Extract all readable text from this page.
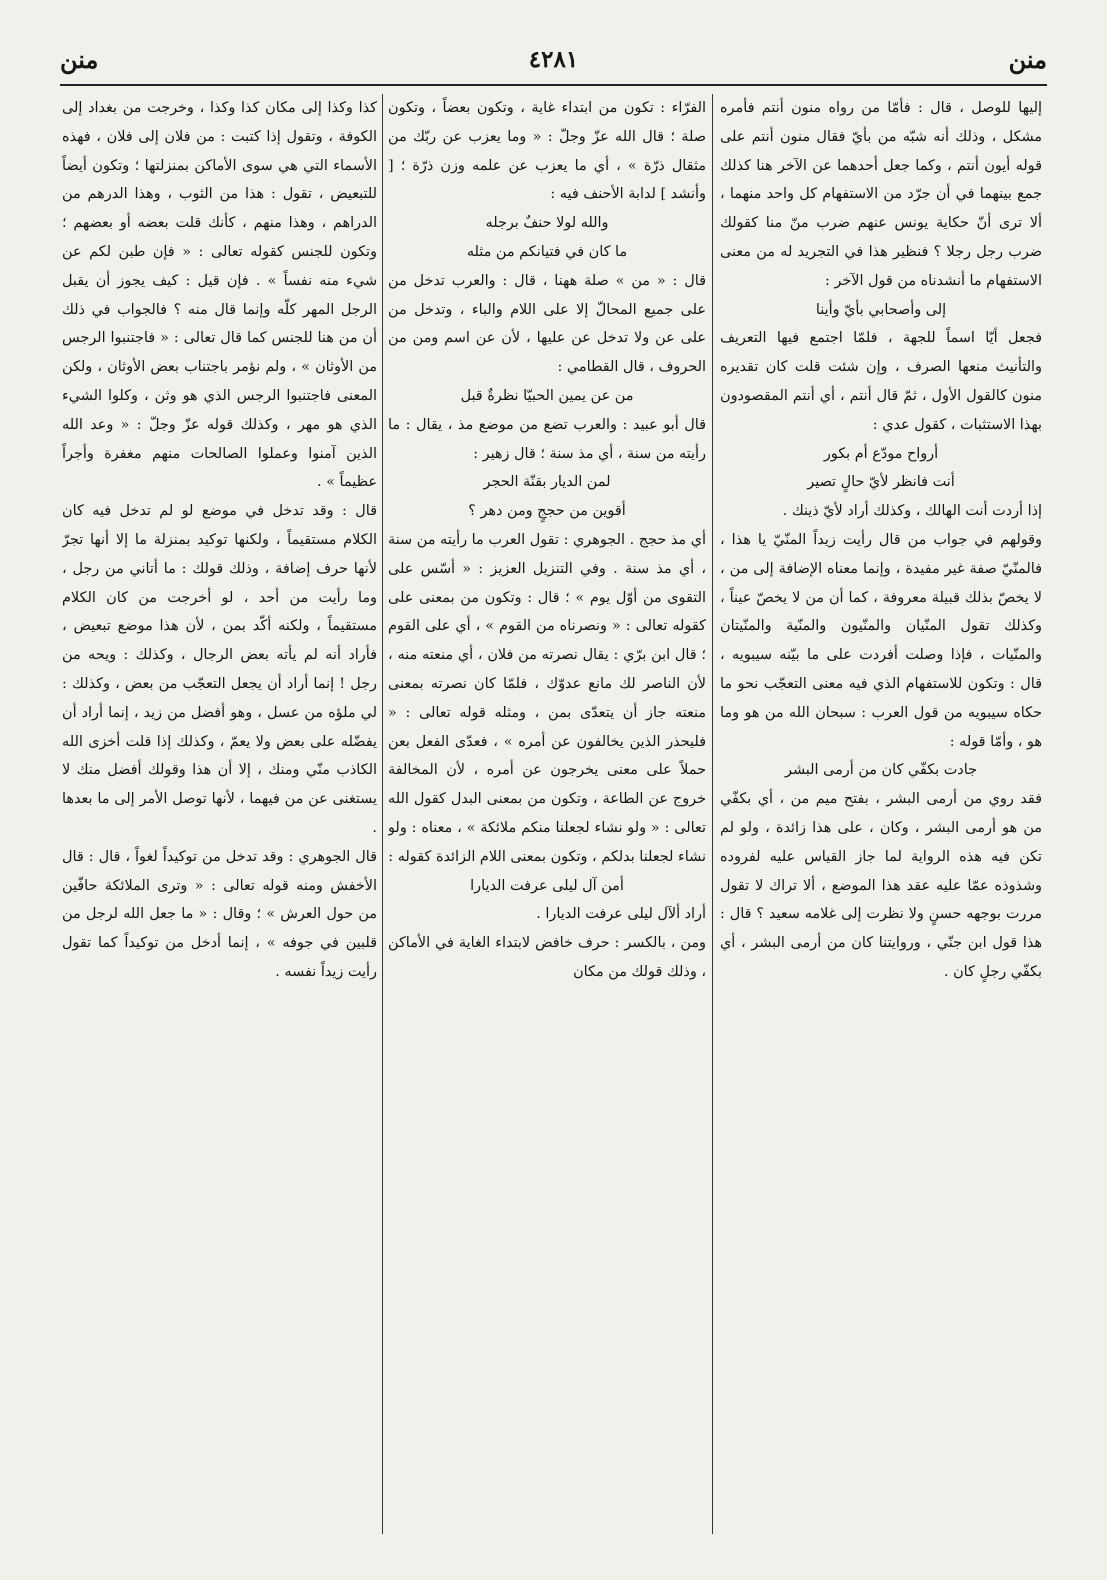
منن
٤٢٨١
منن

إليها للوصل ، قال : فأمّا من رواه منون أنتم فأمره مشكل ، وذلك أنه شبّه من بأيّ فقال منون أنتم على قوله أيون أنتم ، وكما جعل أحدهما عن الآخر هنا كذلك جمع بينهما في أن جرّد من الاستفهام كل واحد منهما ، ألا ترى أنّ حكاية يونس عنهم ضرب منّ منا كقولك ضرب رجل رجلا ؟ فنظير هذا في التجريد له من معنى الاستفهام ما أنشدناه من قول الآخر :

إلى وأصحابي بأيّ وأينا

فجعل أيّا اسماً للجهة ، فلمّا اجتمع فيها التعريف والتأنيث منعها الصرف ، وإن شئت قلت كان تقديره منون كالقول الأول ، ثمّ قال أنتم ، أي أنتم المقصودون بهذا الاستثبات ، كقول عدي :

أرواح مودّع أم بكور

أنت فانظر لأيّ حالٍ تصير

إذا أردت أنت الهالك ، وكذلك أراد لأيّ ذينك .

وقولهم في جواب من قال رأيت زيداً المنّيّ يا هذا ، فالمنّيّ صفة غير مفيدة ، وإنما معناه الإضافة إلى من ، لا يخصّ بذلك قبيلة معروفة ، كما أن من لا يخصّ عيناً ، وكذلك تقول المنّيان والمنّيون والمنّية والمنّيتان والمنّيات ، فإذا وصلت أفردت على ما بيّنه سيبويه ، قال : وتكون للاستفهام الذي فيه معنى التعجّب نحو ما حكاه سيبويه من قول العرب : سبحان الله من هو وما هو ، وأمّا قوله :

جادت بكفّي كان من أرمى البشر

فقد روي من أرمى البشر ، بفتح ميم من ، أي بكفّي من هو أرمى البشر ، وكان ، على هذا زائدة ، ولو لم تكن فيه هذه الرواية لما جاز القياس عليه لفروده وشذوذه عمّا عليه عقد هذا الموضع ، ألا تراك لا تقول مررت بوجهه حسنٍ ولا نظرت إلى غلامه سعيد ؟ قال : هذا قول ابن جنّي ، وروايتنا كان من أرمى البشر ، أي بكفّي رجلٍ كان .

الفرّاء : تكون من ابتداء غاية ، وتكون بعضاً ، وتكون صلة ؛ قال الله عزّ وجلّ : « وما يعزب عن ربّك من مثقال ذرّة » ، أي ما يعزب عن علمه وزن ذرّة ؛ [ وأنشد ] لدابة الأحنف فيه :

والله لولا حنفٌ برجله

ما كان في فتيانكم من مثله

قال : « من » صلة ههنا ، قال : والعرب تدخل من على جميع المحالّ إلا على اللام والباء ، وتدخل من على عن ولا تدخل عن عليها ، لأن عن اسم ومن من الحروف ، قال القطامي :

من عن يمين الحبيّا نظرةٌ قبل

قال أبو عبيد : والعرب تضع من موضع مذ ، يقال : ما رأيته من سنة ، أي مذ سنة ؛ قال زهير :

لمن الديار بقنّة الحجر

أقوين من حججٍ ومن دهر ؟

أي مذ حجج . الجوهري : تقول العرب ما رأيته من سنة ، أي مذ سنة . وفي التنزيل العزيز : « أسّس على التقوى من أوّل يوم » ؛ قال : وتكون من بمعنى على كقوله تعالى : « ونصرناه من القوم » ، أي على القوم ؛ قال ابن برّي : يقال نصرته من فلان ، أي منعته منه ، لأن الناصر لك مانع عدوّك ، فلمّا كان نصرته بمعنى منعته جاز أن يتعدّى بمن ، ومثله قوله تعالى : « فليحذر الذين يخالفون عن أمره » ، فعدّى الفعل بعن حملاً على معنى يخرجون عن أمره ، لأن المخالفة خروج عن الطاعة ، وتكون من بمعنى البدل كقول الله تعالى : « ولو نشاء لجعلنا منكم ملائكة » ، معناه : ولو نشاء لجعلنا بدلكم ، وتكون بمعنى اللام الزائدة كقوله :

أمن آل ليلى عرفت الديارا

أراد ألآل ليلى عرفت الديارا .

ومن ، بالكسر : حرف خافض لابتداء الغاية في الأماكن ، وذلك قولك من مكان

كذا وكذا إلى مكان كذا وكذا ، وخرجت من بغداد إلى الكوفة ، وتقول إذا كتبت : من فلان إلى فلان ، فهذه الأسماء التي هي سوى الأماكن بمنزلتها ؛ وتكون أيضاً للتبعيض ، تقول : هذا من الثوب ، وهذا الدرهم من الدراهم ، وهذا منهم ، كأنك قلت بعضه أو بعضهم ؛ وتكون للجنس كقوله تعالى : « فإن طبن لكم عن شيء منه نفساً » . فإن قيل : كيف يجوز أن يقبل الرجل المهر كلّه وإنما قال منه ؟ فالجواب في ذلك أن من هنا للجنس كما قال تعالى : « فاجتنبوا الرجس من الأوثان » ، ولم نؤمر باجتناب بعض الأوثان ، ولكن المعنى فاجتنبوا الرجس الذي هو وثن ، وكلوا الشيء الذي هو مهر ، وكذلك قوله عزّ وجلّ : « وعد الله الذين آمنوا وعملوا الصالحات منهم مغفرة وأجراً عظيماً » .

قال : وقد تدخل في موضع لو لم تدخل فيه كان الكلام مستقيماً ، ولكنها توكيد بمنزلة ما إلا أنها تجرّ لأنها حرف إضافة ، وذلك قولك : ما أتاني من رجل ، وما رأيت من أحد ، لو أخرجت من كان الكلام مستقيماً ، ولكنه أكّد بمن ، لأن هذا موضع تبعيض ، فأراد أنه لم يأته بعض الرجال ، وكذلك : ويحه من رجل ! إنما أراد أن يجعل التعجّب من بعض ، وكذلك : لي ملؤه من عسل ، وهو أفضل من زيد ، إنما أراد أن يفضّله على بعض ولا يعمّ ، وكذلك إذا قلت أخزى الله الكاذب منّي ومنك ، إلا أن هذا وقولك أفضل منك لا يستغنى عن من فيهما ، لأنها توصل الأمر إلى ما بعدها .

قال الجوهري : وقد تدخل من توكيداً لغواً ، قال : قال الأخفش ومنه قوله تعالى : « وترى الملائكة حافّين من حول العرش » ؛ وقال : « ما جعل الله لرجل من قلبين في جوفه » ، إنما أدخل من توكيداً كما تقول رأيت زيداً نفسه .
